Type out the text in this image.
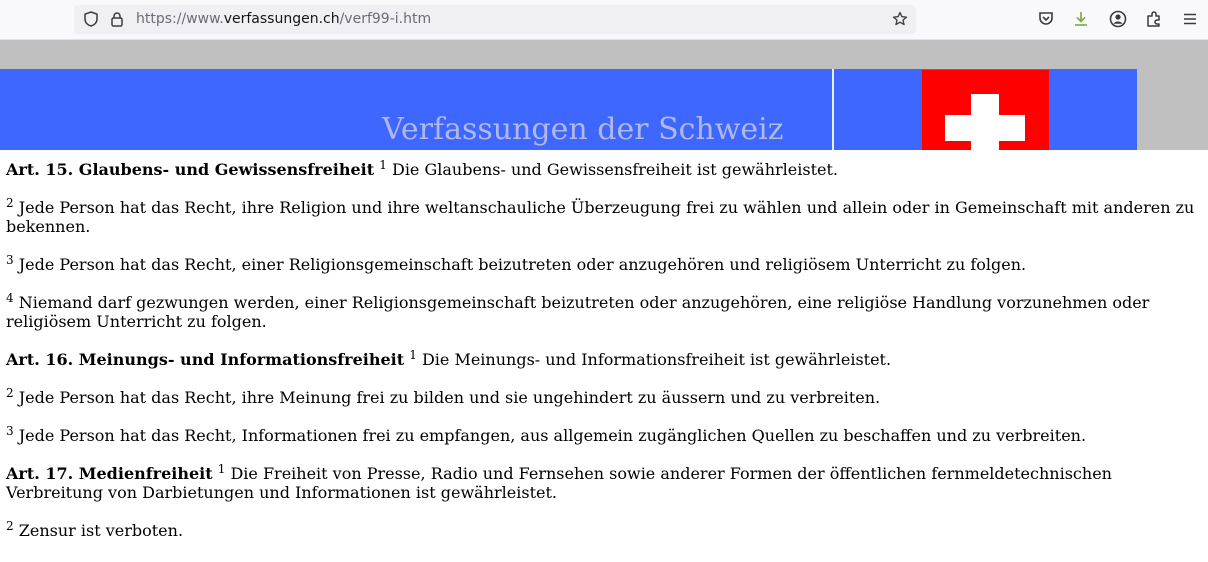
https://www.verfassungen.ch/verf99-i.htm
Verfassungen der Schweiz

Art. 15. Glaubens- und Gewissensfreiheit $^1$ Die Glaubens- und Gewissensfreiheit ist gewährleistet.

$^2$ Jede Person hat das Recht, ihre Religion und ihre weltanschauliche Überzeugung frei zu wählen und allein oder in Gemeinschaft mit anderen zu bekennen.

$^3$ Jede Person hat das Recht, einer Religionsgemeinschaft beizutreten oder anzugehören und religiösem Unterricht zu folgen.

$^4$ Niemand darf gezwungen werden, einer Religionsgemeinschaft beizutreten oder anzugehören, eine religiöse Handlung vorzunehmen oder religiösem Unterricht zu folgen.

Art. 16. Meinungs- und Informationsfreiheit $^1$ Die Meinungs- und Informationsfreiheit ist gewährleistet.

$^2$ Jede Person hat das Recht, ihre Meinung frei zu bilden und sie ungehindert zu äussern und zu verbreiten.

$^3$ Jede Person hat das Recht, Informationen frei zu empfangen, aus allgemein zugänglichen Quellen zu beschaffen und zu verbreiten.

Art. 17. Medienfreiheit $^1$ Die Freiheit von Presse, Radio und Fernsehen sowie anderer Formen der öffentlichen fernmeldetechnischen Verbreitung von Darbietungen und Informationen ist gewährleistet.

$^2$ Zensur ist verboten.
